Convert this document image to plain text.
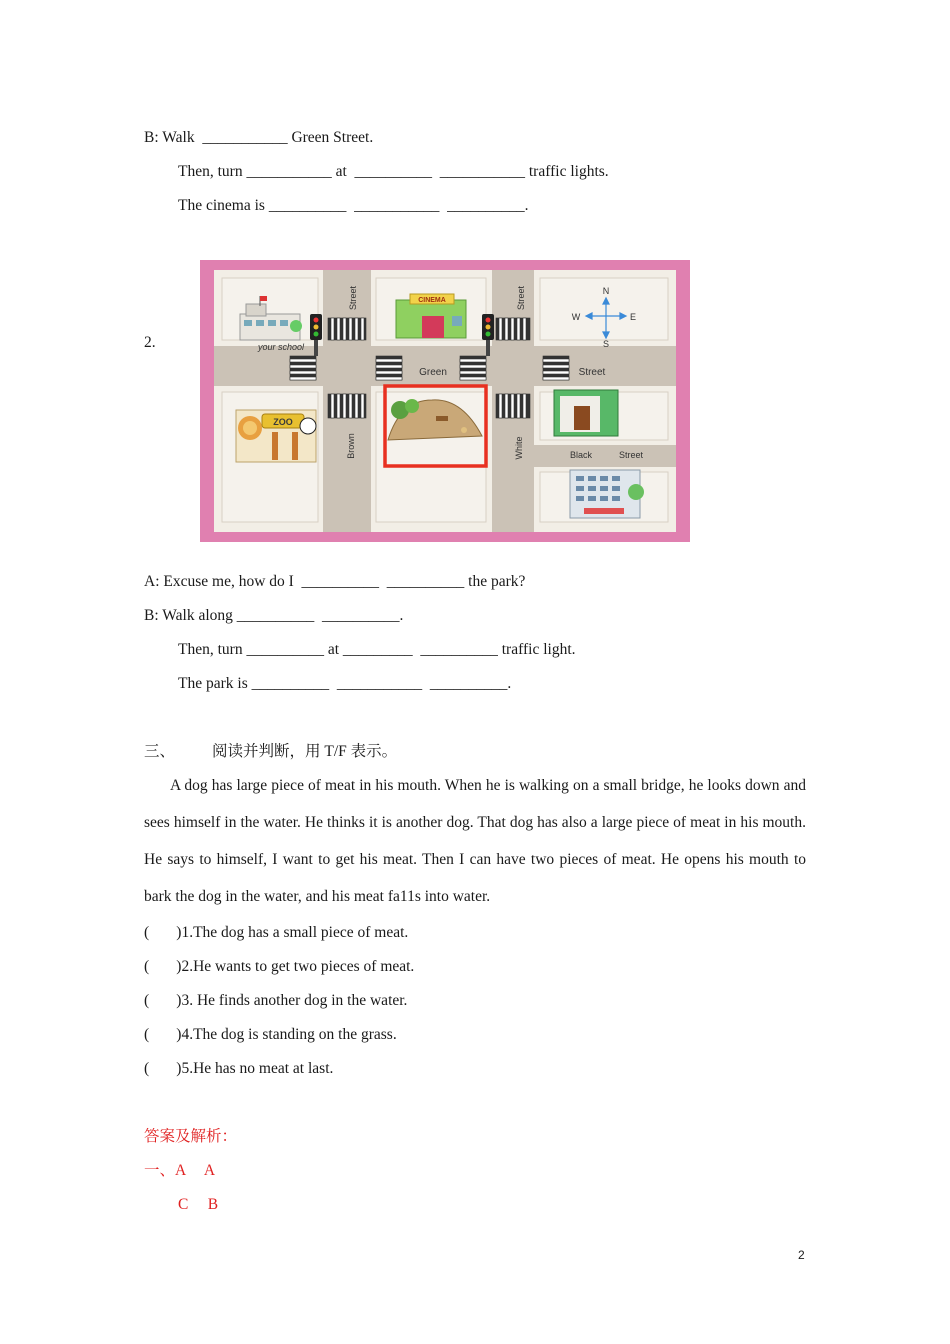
B: Walk  ___________ Green Street.
Then, turn ___________ at  __________  ___________ traffic lights.
The cinema is __________  ___________  __________.
2.	your school
CINEMA
N
S
W	E
Street	Street
Green	Street
Brown	White	Black	Street
ZOO
A: Excuse me, how do I  __________  __________ the park?
B: Walk along __________  __________.
Then, turn __________ at _________  __________ traffic light.
The park is __________  ___________  __________.
三、 阅读并判断，用 T/F 表示。
A dog has large piece of meat in his mouth. When he is walking on a small bridge, he looks down and sees himself in the water. He thinks it is another dog. That dog has also a large piece of meat in his mouth. He says to himself, I want to get his meat. Then I can have two pieces of meat. He opens his mouth to bark the dog in the water, and his meat fa11s into water.
(       )1.The dog has a small piece of meat.
(       )2.He wants to get two pieces of meat.
(       )3. He finds another dog in the water.
(       )4.The dog is standing on the grass.
(       )5.He has no meat at last.
答案及解析：
一、A     A
C     B
2
